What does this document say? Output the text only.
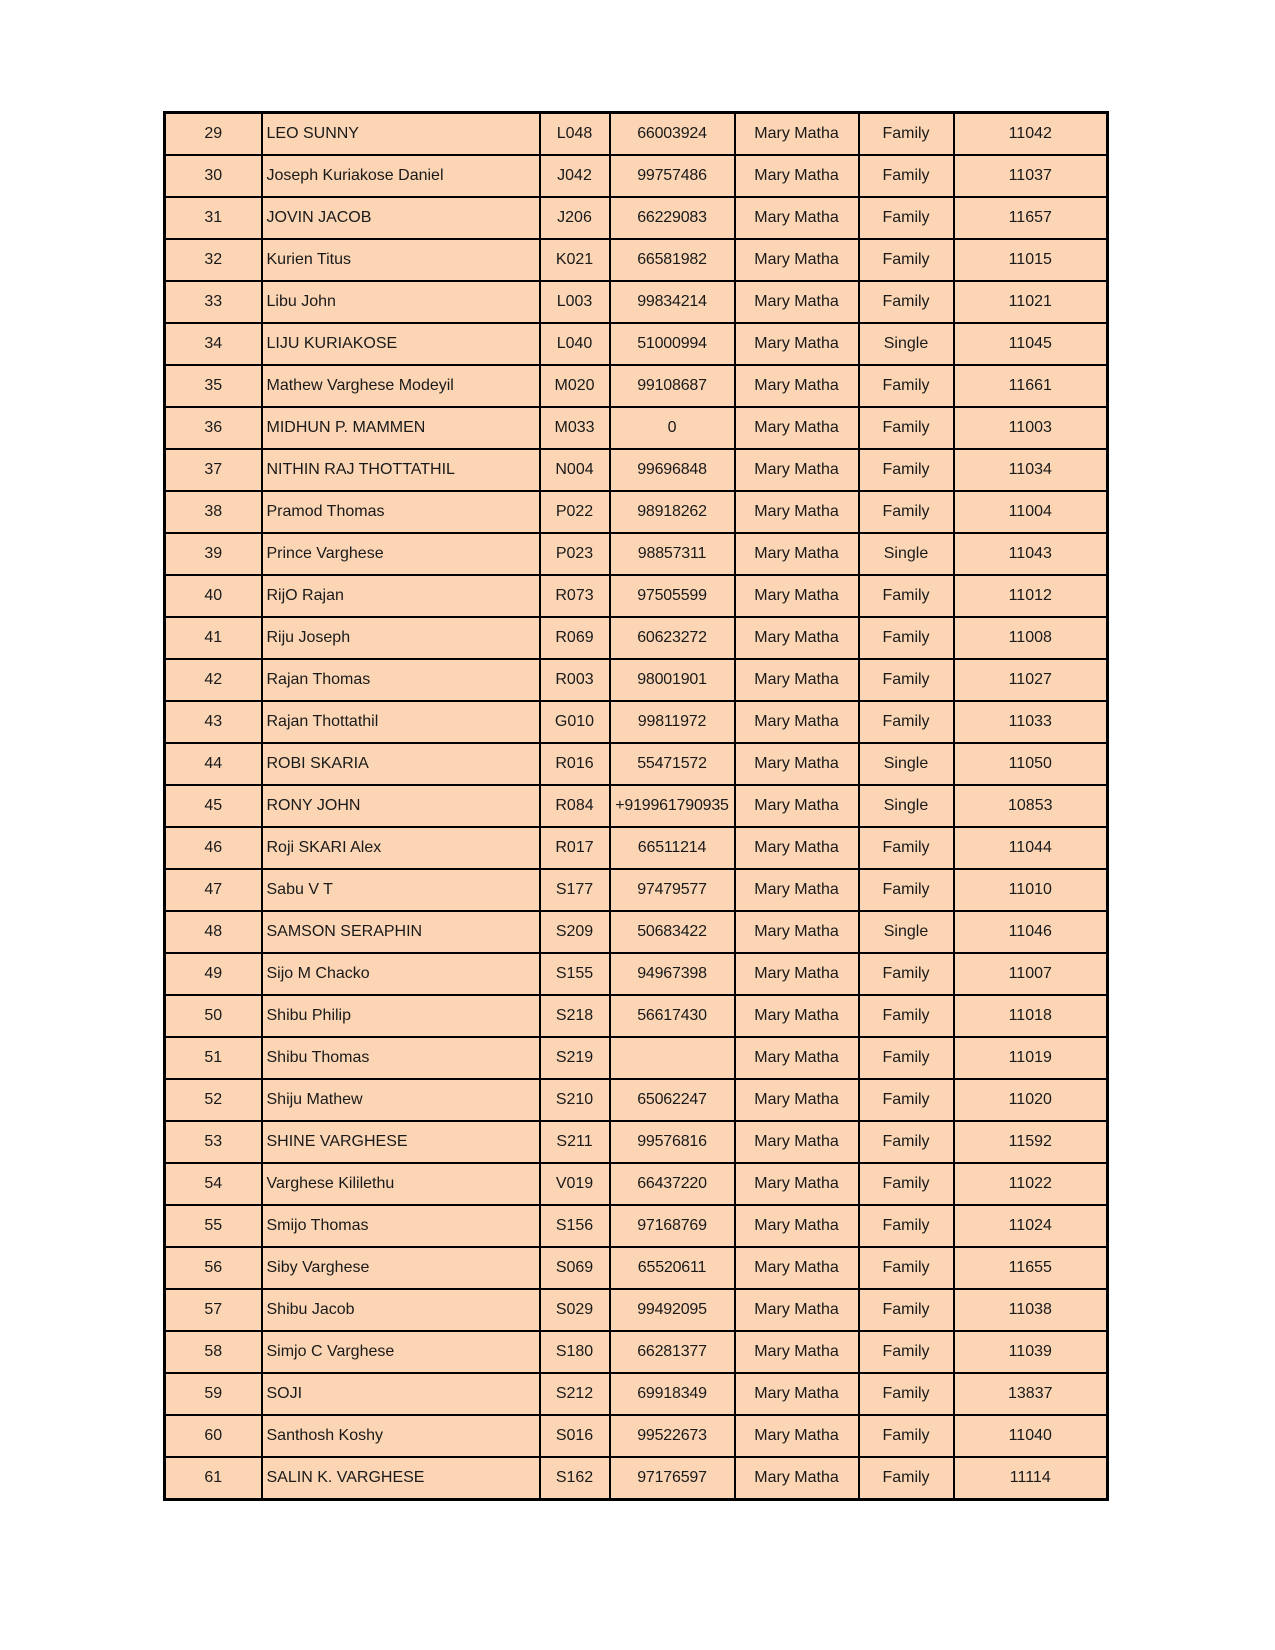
29	LEO SUNNY	L048	66003924	Mary Matha	Family	11042
30	Joseph Kuriakose Daniel	J042	99757486	Mary Matha	Family	11037
31	JOVIN JACOB	J206	66229083	Mary Matha	Family	11657
32	Kurien Titus	K021	66581982	Mary Matha	Family	11015
33	Libu John	L003	99834214	Mary Matha	Family	11021
34	LIJU KURIAKOSE	L040	51000994	Mary Matha	Single	11045
35	Mathew Varghese Modeyil	M020	99108687	Mary Matha	Family	11661
36	MIDHUN P. MAMMEN	M033	0	Mary Matha	Family	11003
37	NITHIN RAJ THOTTATHIL	N004	99696848	Mary Matha	Family	11034
38	Pramod Thomas	P022	98918262	Mary Matha	Family	11004
39	Prince Varghese	P023	98857311	Mary Matha	Single	11043
40	RijO Rajan	R073	97505599	Mary Matha	Family	11012
41	Riju Joseph	R069	60623272	Mary Matha	Family	11008
42	Rajan Thomas	R003	98001901	Mary Matha	Family	11027
43	Rajan Thottathil	G010	99811972	Mary Matha	Family	11033
44	ROBI SKARIA	R016	55471572	Mary Matha	Single	11050
45	RONY JOHN	R084	+919961790935	Mary Matha	Single	10853
46	Roji SKARI Alex	R017	66511214	Mary Matha	Family	11044
47	Sabu V T	S177	97479577	Mary Matha	Family	11010
48	SAMSON SERAPHIN	S209	50683422	Mary Matha	Single	11046
49	Sijo M Chacko	S155	94967398	Mary Matha	Family	11007
50	Shibu Philip	S218	56617430	Mary Matha	Family	11018
51	Shibu Thomas	S219		Mary Matha	Family	11019
52	Shiju Mathew	S210	65062247	Mary Matha	Family	11020
53	SHINE VARGHESE	S211	99576816	Mary Matha	Family	11592
54	Varghese Kililethu	V019	66437220	Mary Matha	Family	11022
55	Smijo Thomas	S156	97168769	Mary Matha	Family	11024
56	Siby Varghese	S069	65520611	Mary Matha	Family	11655
57	Shibu Jacob	S029	99492095	Mary Matha	Family	11038
58	Simjo C Varghese	S180	66281377	Mary Matha	Family	11039
59	SOJI	S212	69918349	Mary Matha	Family	13837
60	Santhosh Koshy	S016	99522673	Mary Matha	Family	11040
61	SALIN K. VARGHESE	S162	97176597	Mary Matha	Family	11114
